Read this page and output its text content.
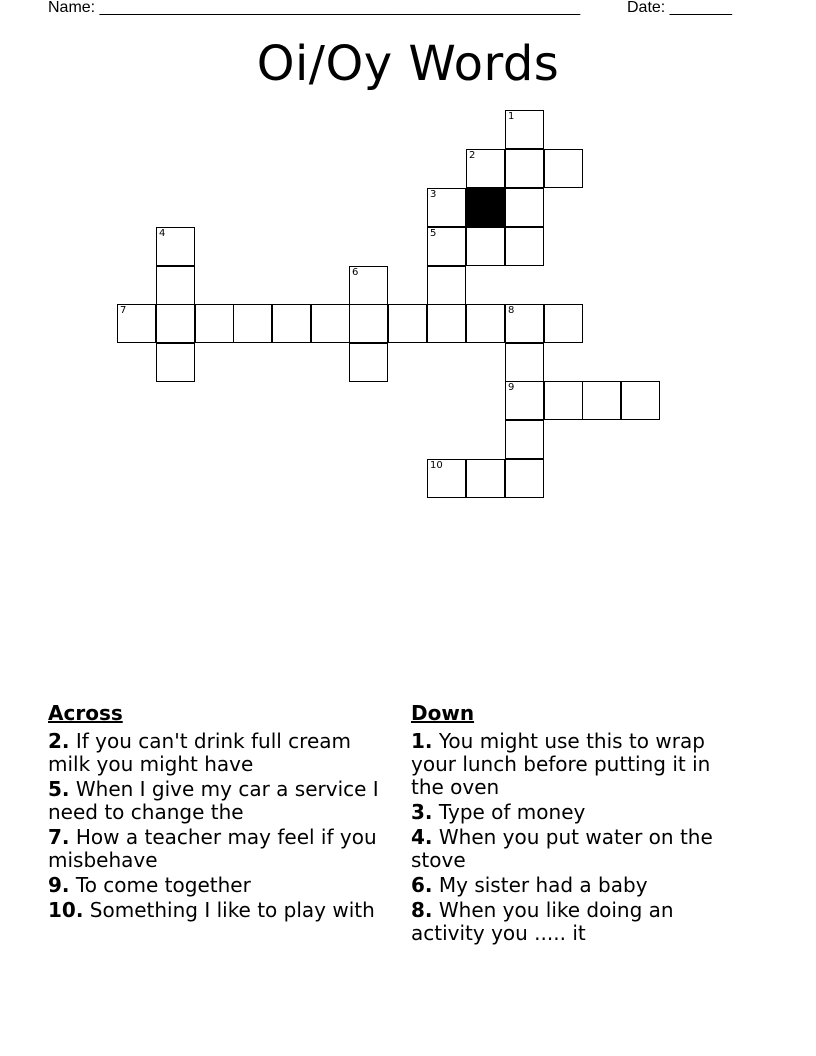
Name: ______________________________________________________	Date: _______
Oi/Oy Words
1
2
3
4	5
6
7	8
9
10
Across
2. If you can't drink full cream milk you might have
5. When I give my car a service I need to change the
7. How a teacher may feel if you misbehave
9. To come together
10. Something I like to play with
Down
1. You might use this to wrap your lunch before putting it in the oven
3. Type of money
4. When you put water on the stove
6. My sister had a baby
8. When you like doing an activity you ..... it
